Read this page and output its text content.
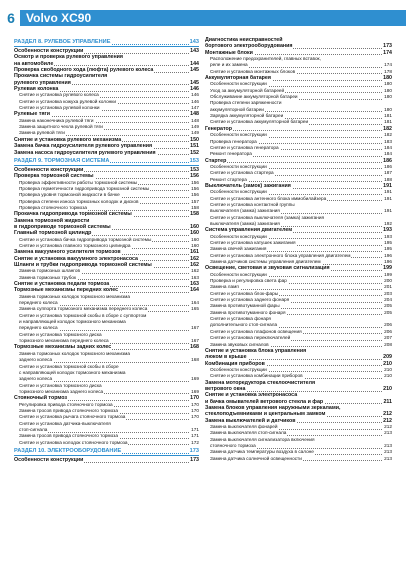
6 Volvo XC90
РАЗДЕЛ 8. РУЛЕВОЕ УПРАВЛЕНИЕ	143
Особенности конструкции	143
Осмотр и проверка рулевого управления
на автомобиле	144
Проверка свободного хода (люфта) рулевого колеса	145
Прокачка системы гидроусилителя
рулевого управления	145
Рулевая колонка	146
Снятие и установка рулевого колеса	146
Снятие и установка кожуха рулевой колонки	146
Снятие и установка рулевой колонки	147
Рулевые тяги	148
Замена наконечника рулевой тяги	148
Замена защитного чехла рулевой тяги	149
Замена рулевой тяги	149
Снятие и установка рулевого механизма	150
Замена бачка гидроусилителя рулевого управления	151
Замена насоса гидроусилителя рулевого управления	152
РАЗДЕЛ 9. ТОРМОЗНАЯ СИСТЕМА	153
Особенности конструкции	153
Проверка тормозной системы	156
Проверка эффективности работы тормозной системы	156
Проверка герметичности гидропривода тормозной системы	156
Проверка уровня тормозной жидкости в бачке	156
Проверка степени износа тормозных колодок и дисков	157
Проверка стояночного тормоза	158
Прокачка гидропривода тормозной системы	158
Замена тормозной жидкости
в гидроприводе тормозной системы	160
Главный тормозной цилиндр	160
Снятие и установка бачка гидропривода тормозной системы	160
Снятие и установка главного тормозного цилиндра	160
Замена вакуумного усилителя тормозов	161
Снятие и установка вакуумного электронасоса	162
Шланги и трубки гидропривода тормозной системы	162
Замена тормозных шлангов	162
Замена тормозных трубок	163
Снятие и установка педали тормоза	163
Тормозные механизмы передних колес	164
Замена тормозных колодок тормозного механизма
переднего колеса	164
Замена суппорта тормозного механизма переднего колеса	165
Снятие и установка тормозной скобы в сборе с суппортом
и направляющей колодок тормозного механизма
переднего колеса	167
Снятие и установка тормозного диска
тормозного механизма переднего колеса	167
Тормозные механизмы задних колес	168
Замена тормозных колодок тормозного механизма
заднего колеса	168
Снятие и установка тормозной скобы в сборе
с направляющей колодок тормозного механизма
заднего колеса	169
Снятие и установка тормозного диска
тормозного механизма заднего колеса	169
Стояночный тормоз	170
Регулировка привода стояночного тормоза	170
Замена тросов привода стояночного тормоза	170
Снятие и установка рычага стояночного тормоза	170
Снятие и установка датчика-выключателя
стоп-сигнала	171
Замена тросов привода стояночного тормоза	171
Снятие и установка колодок стояночного тормоза	172
РАЗДЕЛ 10. ЭЛЕКТРООБОРУДОВАНИЕ	173
Особенности конструкции	173
Диагностика неисправностей
бортового электрооборудования	173
Монтажные блоки	174
Расположение предохранителей, главных вставок,
реле и их замена	174
Снятие и установка монтажных блоков	178
Аккумуляторная батарея	180
Особенности конструкции	180
Уход за аккумуляторной батареей	180
Обслуживание аккумуляторной батареи	180
Проверка степени заряженности
аккумуляторной батареи	180
Зарядка аккумуляторной батареи	181
Снятие и установка аккумуляторной батареи	181
Генератор	182
Особенности конструкции	182
Проверка генератора	183
Снятие и установка генератора	184
Ремонт генератора	184
Стартер	186
Особенности конструкции	186
Снятие и установка стартера	187
Ремонт стартера	188
Выключатель (замок) зажигания	191
Особенности конструкции	191
Снятие и установка антенного блока иммобилайзера	191
Снятие и установка контактной группы
выключателя (замка) зажигания	191
Снятие и установка выключателя (замка) зажигания
выключателя (замка) зажигания	192
Система управления двигателем	193
Особенности конструкции	193
Снятие и установка катушек зажигания	195
Замена свечей зажигания	195
Снятие и установка электронного блока управления двигателем	196
Замена датчиков системы управления двигателем	196
Освещение, световая и звуковая сигнализация	199
Особенности конструкции	199
Проверка и регулировка света фар	200
Замена ламп	201
Снятие и установка блок-фары	203
Снятие и установка заднего фонаря	204
Замена противотуманной фары	205
Замена противотуманного фонаря	205
Снятие и установка фонаря
дополнительного стоп-сигнала	206
Снятие и установка плафонов освещения	206
Снятие и установка переключателей	207
Замена звуковых сигналов	208
Снятие и установка блока управления
люком в крыше	209
Комбинация приборов	210
Особенности конструкции	210
Снятие и установка комбинации приборов	210
Замена моторедуктора стеклоочистителя
ветрового окна	210
Снятие и установка электронасоса
и бачка омывателей ветрового стекла и фар	211
Замена блоков управления наружными зеркалами,
стеклоподъемниками и центральным замком	212
Замена выключателей и датчиков	212
Замена выключателя фонарей	212
Замена выключателя стоп-сигнала	213
Замена выключателя сигнализатора включения
стояночного тормоза	213
Замена датчика температуры воздуха в салоне	213
Замена датчика солнечной освещенности	213
